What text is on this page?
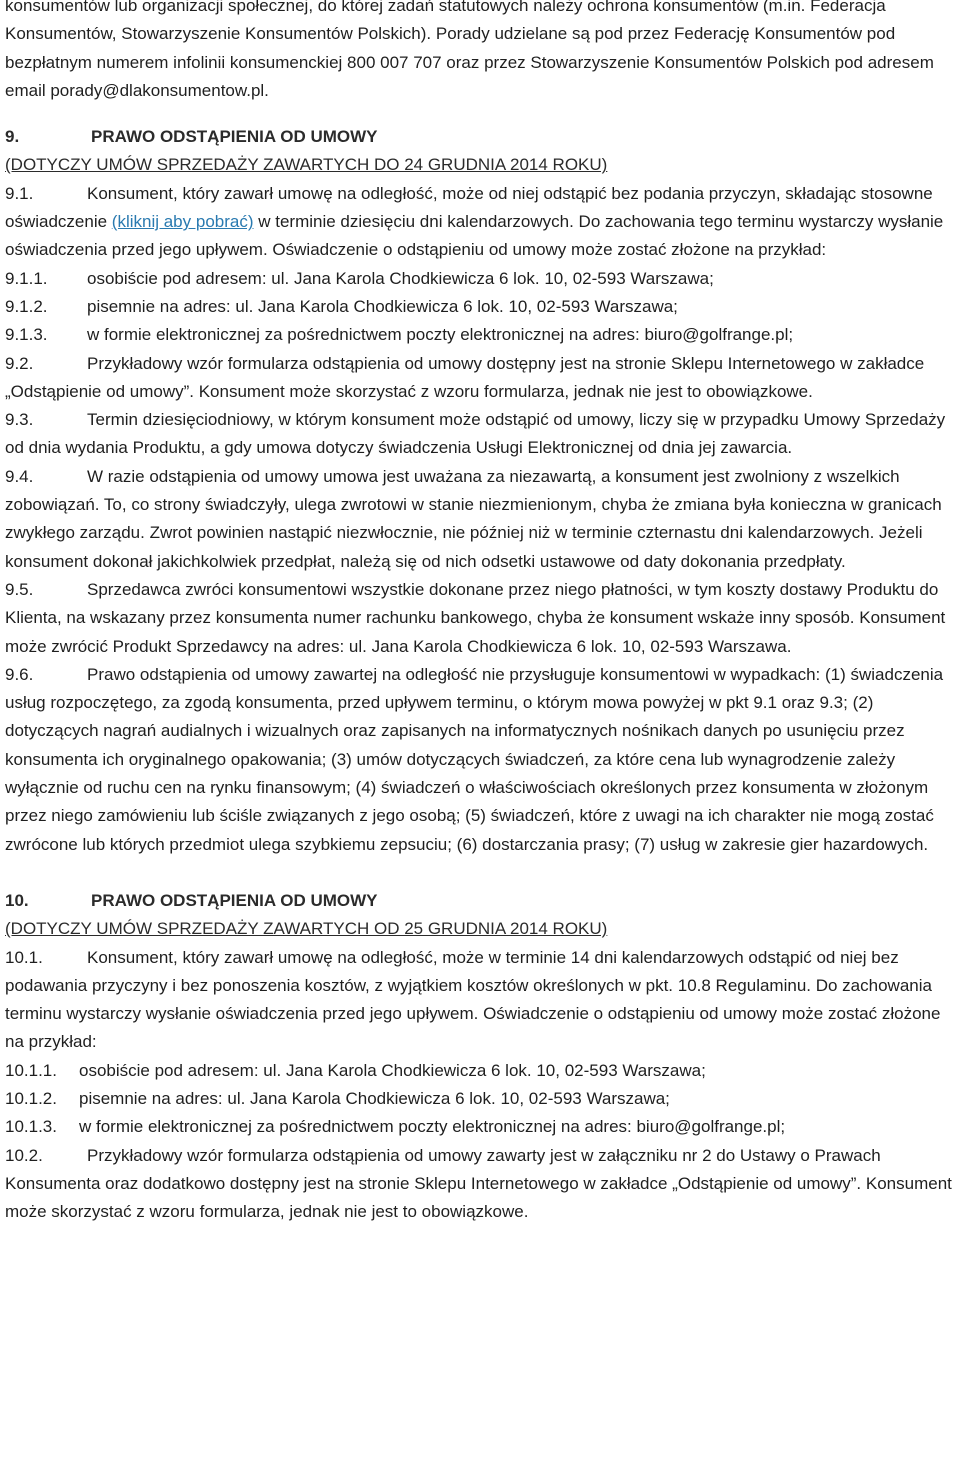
konsumentów lub organizacji społecznej, do której zadań statutowych należy ochrona konsumentów (m.in. Federacja Konsumentów, Stowarzyszenie Konsumentów Polskich). Porady udzielane są pod przez Federację Konsumentów pod bezpłatnym numerem infolinii konsumenckiej 800 007 707 oraz przez Stowarzyszenie Konsumentów Polskich pod adresem email porady@dlakonsumentow.pl.

9.	PRAWO ODSTĄPIENIA OD UMOWY

(DOTYCZY UMÓW SPRZEDAŻY ZAWARTYCH DO 24 GRUDNIA 2014 ROKU)

9.1.	Konsument, który zawarł umowę na odległość, może od niej odstąpić bez podania przyczyn, składając stosowne oświadczenie (kliknij aby pobrać) w terminie dziesięciu dni kalendarzowych. Do zachowania tego terminu wystarczy wysłanie oświadczenia przed jego upływem. Oświadczenie o odstąpieniu od umowy może zostać złożone na przykład:

9.1.1. osobiście pod adresem: ul. Jana Karola Chodkiewicza 6 lok. 10, 02-593 Warszawa;

9.1.2. pisemnie na adres: ul. Jana Karola Chodkiewicza 6 lok. 10, 02-593 Warszawa;

9.1.3. w formie elektronicznej za pośrednictwem poczty elektronicznej na adres: biuro@golfrange.pl;

9.2.	Przykładowy wzór formularza odstąpienia od umowy dostępny jest na stronie Sklepu Internetowego w zakładce „Odstąpienie od umowy”. Konsument może skorzystać z wzoru formularza, jednak nie jest to obowiązkowe.

9.3.	Termin dziesięciodniowy, w którym konsument może odstąpić od umowy, liczy się w przypadku Umowy Sprzedaży od dnia wydania Produktu, a gdy umowa dotyczy świadczenia Usługi Elektronicznej od dnia jej zawarcia.

9.4.	W razie odstąpienia od umowy umowa jest uważana za niezawartą, a konsument jest zwolniony z wszelkich zobowiązań. To, co strony świadczyły, ulega zwrotowi w stanie niezmienionym, chyba że zmiana była konieczna w granicach zwykłego zarządu. Zwrot powinien nastąpić niezwłocznie, nie później niż w terminie czternastu dni kalendarzowych. Jeżeli konsument dokonał jakichkolwiek przedpłat, należą się od nich odsetki ustawowe od daty dokonania przedpłaty.

9.5.	Sprzedawca zwróci konsumentowi wszystkie dokonane przez niego płatności, w tym koszty dostawy Produktu do Klienta, na wskazany przez konsumenta numer rachunku bankowego, chyba że konsument wskaże inny sposób. Konsument może zwrócić Produkt Sprzedawcy na adres: ul. Jana Karola Chodkiewicza 6 lok. 10, 02-593 Warszawa.

9.6.	Prawo odstąpienia od umowy zawartej na odległość nie przysługuje konsumentowi w wypadkach: (1) świadczenia usług rozpoczętego, za zgodą konsumenta, przed upływem terminu, o którym mowa powyżej w pkt 9.1 oraz 9.3; (2) dotyczących nagrań audialnych i wizualnych oraz zapisanych na informatycznych nośnikach danych po usunięciu przez konsumenta ich oryginalnego opakowania; (3) umów dotyczących świadczeń, za które cena lub wynagrodzenie zależy wyłącznie od ruchu cen na rynku finansowym; (4) świadczeń o właściwościach określonych przez konsumenta w złożonym przez niego zamówieniu lub ściśle związanych z jego osobą; (5) świadczeń, które z uwagi na ich charakter nie mogą zostać zwrócone lub których przedmiot ulega szybkiemu zepsuciu; (6) dostarczania prasy; (7) usług w zakresie gier hazardowych.

10.	PRAWO ODSTĄPIENIA OD UMOWY

(DOTYCZY UMÓW SPRZEDAŻY ZAWARTYCH OD 25 GRUDNIA 2014 ROKU)

10.1.	Konsument, który zawarł umowę na odległość, może w terminie 14 dni kalendarzowych odstąpić od niej bez podawania przyczyny i bez ponoszenia kosztów, z wyjątkiem kosztów określonych w pkt. 10.8 Regulaminu. Do zachowania terminu wystarczy wysłanie oświadczenia przed jego upływem. Oświadczenie o odstąpieniu od umowy może zostać złożone na przykład:

10.1.1. osobiście pod adresem: ul. Jana Karola Chodkiewicza 6 lok. 10, 02-593 Warszawa;

10.1.2. pisemnie na adres: ul. Jana Karola Chodkiewicza 6 lok. 10, 02-593 Warszawa;

10.1.3. w formie elektronicznej za pośrednictwem poczty elektronicznej na adres: biuro@golfrange.pl;

10.2.	Przykładowy wzór formularza odstąpienia od umowy zawarty jest w załączniku nr 2 do Ustawy o Prawach Konsumenta oraz dodatkowo dostępny jest na stronie Sklepu Internetowego w zakładce „Odstąpienie od umowy”. Konsument może skorzystać z wzoru formularza, jednak nie jest to obowiązkowe.
